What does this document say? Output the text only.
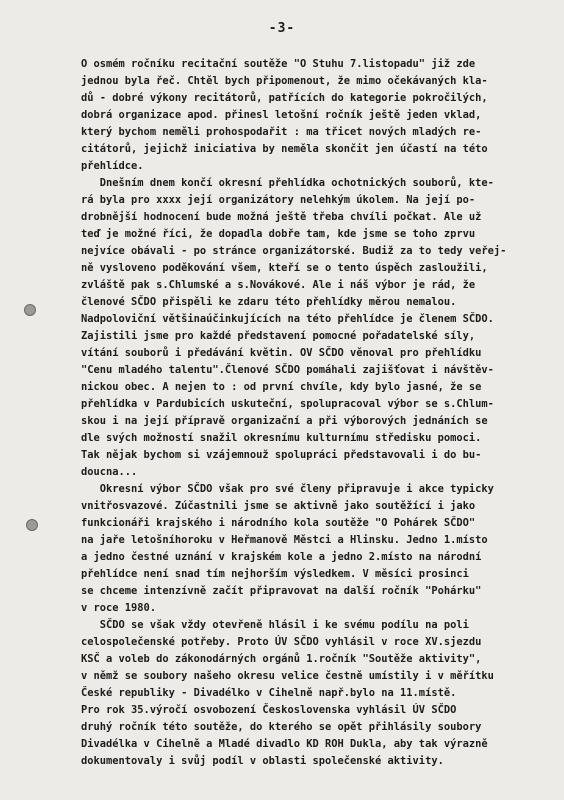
-3-
O osmém ročníku recitační soutěže "O Stuhu 7.listopadu" již zde
jednou byla řeč. Chtěl bych připomenout, že mimo očekávaných kla-
dů - dobré výkony recitátorů, patřících do kategorie pokročilých,
dobrá organizace apod. přinesl letošní ročník ještě jeden vklad,
který bychom neměli prohospodařit : ma třicet nových mladých re-
citátorů, jejichž iniciativa by neměla skončit jen účastí na této
přehlídce.
Dnešním dnem končí okresní přehlídka ochotnických souborů, kte-
rá byla pro xxxx její organizátory nelehkým úkolem. Na její po-
drobnější hodnocení bude možná ještě třeba chvíli počkat. Ale už
teď je možné říci, že dopadla dobře tam, kde jsme se toho zprvu
nejvíce obávali - po stránce organizátorské. Budiž za to tedy veřej-
ně vysloveno poděkování všem, kteří se o tento úspěch zasloužili,
zvláště pak s.Chlumské a s.Novákové. Ale i náš výbor je rád, že
členové SČDO přispěli ke zdaru této přehlídky měrou nemalou.
Nadpoloviční většinaúčinkujících na této přehlídce je členem SČDO.
Zajistili jsme pro každé představení pomocné pořadatelské síly,
vítání souborů i předávání květin. OV SČDO věnoval pro přehlídku
"Cenu mladého talentu".Členové SČDO pomáhali zajišťovat i návštěv-
nickou obec. A nejen to : od první chvíle, kdy bylo jasné, že se
přehlídka v Pardubicích uskuteční, spolupracoval výbor se s.Chlum-
skou i na její přípravě organizační a při výborových jednáních se
dle svých možností snažil okresnímu kulturnímu středisku pomoci.
Tak nějak bychom si vzájemnouž spolupráci představovali i do bu-
doucna...
Okresní výbor SČDO však pro své členy připravuje i akce typicky
vnitřosvazové. Zúčastnili jsme se aktivně jako soutěžící i jako
funkcionáři krajského i národního kola soutěže "O Pohárek SČDO"
na jaře letošníhoroku v Heřmanově Městci a Hlinsku. Jedno 1.místo
a jedno čestné uznání v krajském kole a jedno 2.místo na národní
přehlídce není snad tím nejhorším výsledkem. V měsíci prosinci
se chceme intenzívně začít připravovat na další ročník "Pohárku"
v roce 1980.
SČDO se však vždy otevřeně hlásil i ke svému podílu na poli
celospolečenské potřeby. Proto ÚV SČDO vyhlásil v roce XV.sjezdu
KSČ a voleb do zákonodárných orgánů 1.ročník "Soutěže aktivity",
v němž se soubory našeho okresu velice čestně umístily i v měřítku
České republiky - Divadélko v Cihelně např.bylo na 11.místě.
Pro rok 35.výročí osvobození Československa vyhlásil ÚV SČDO
druhý ročník této soutěže, do kterého se opět přihlásily soubory
Divadélka v Cihelně a Mladé divadlo KD ROH Dukla, aby tak výrazně
dokumentovaly i svůj podíl v oblasti společenské aktivity.
